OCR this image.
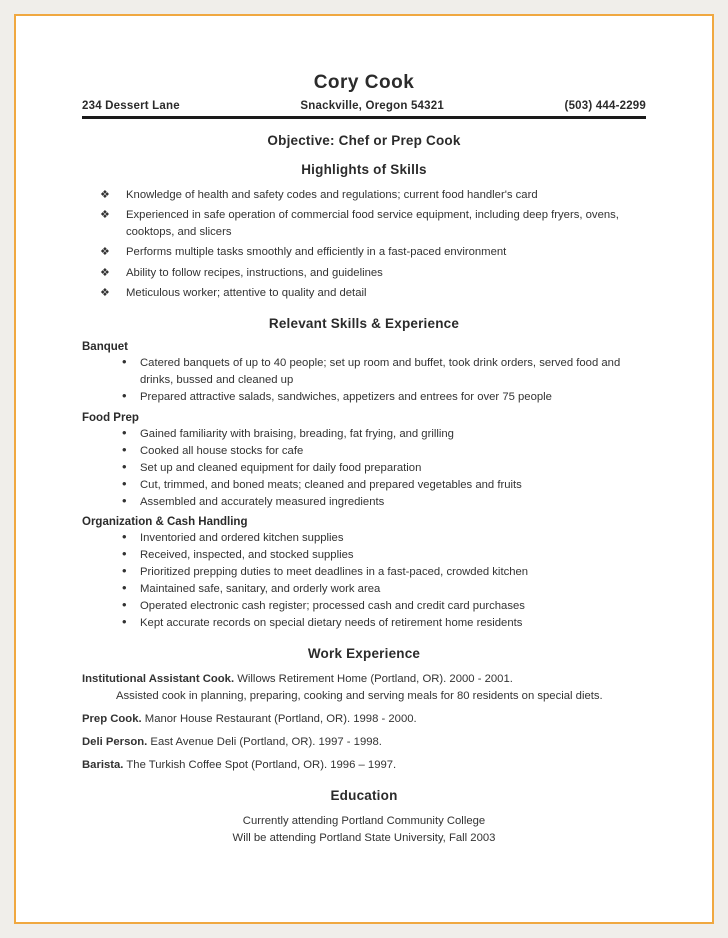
Cory Cook
234 Dessert Lane	Snackville, Oregon 54321	(503) 444-2299
Objective: Chef or Prep Cook
Highlights of Skills
❖ Knowledge of health and safety codes and regulations; current food handler's card
❖ Experienced in safe operation of commercial food service equipment, including deep fryers, ovens, cooktops, and slicers
❖ Performs multiple tasks smoothly and efficiently in a fast-paced environment
❖ Ability to follow recipes, instructions, and guidelines
❖ Meticulous worker; attentive to quality and detail
Relevant Skills & Experience
Banquet
• Catered banquets of up to 40 people; set up room and buffet, took drink orders, served food and drinks, bussed and cleaned up
• Prepared attractive salads, sandwiches, appetizers and entrees for over 75 people
Food Prep
• Gained familiarity with braising, breading, fat frying, and grilling
• Cooked all house stocks for cafe
• Set up and cleaned equipment for daily food preparation
• Cut, trimmed, and boned meats; cleaned and prepared vegetables and fruits
• Assembled and accurately measured ingredients
Organization & Cash Handling
• Inventoried and ordered kitchen supplies
• Received, inspected, and stocked supplies
• Prioritized prepping duties to meet deadlines in a fast-paced, crowded kitchen
• Maintained safe, sanitary, and orderly work area
• Operated electronic cash register; processed cash and credit card purchases
• Kept accurate records on special dietary needs of retirement home residents
Work Experience
Institutional Assistant Cook. Willows Retirement Home (Portland, OR). 2000 - 2001.
Assisted cook in planning, preparing, cooking and serving meals for 80 residents on special diets.
Prep Cook. Manor House Restaurant (Portland, OR). 1998 - 2000.
Deli Person. East Avenue Deli (Portland, OR). 1997 - 1998.
Barista. The Turkish Coffee Spot (Portland, OR). 1996 – 1997.
Education
Currently attending Portland Community College
Will be attending Portland State University, Fall 2003
